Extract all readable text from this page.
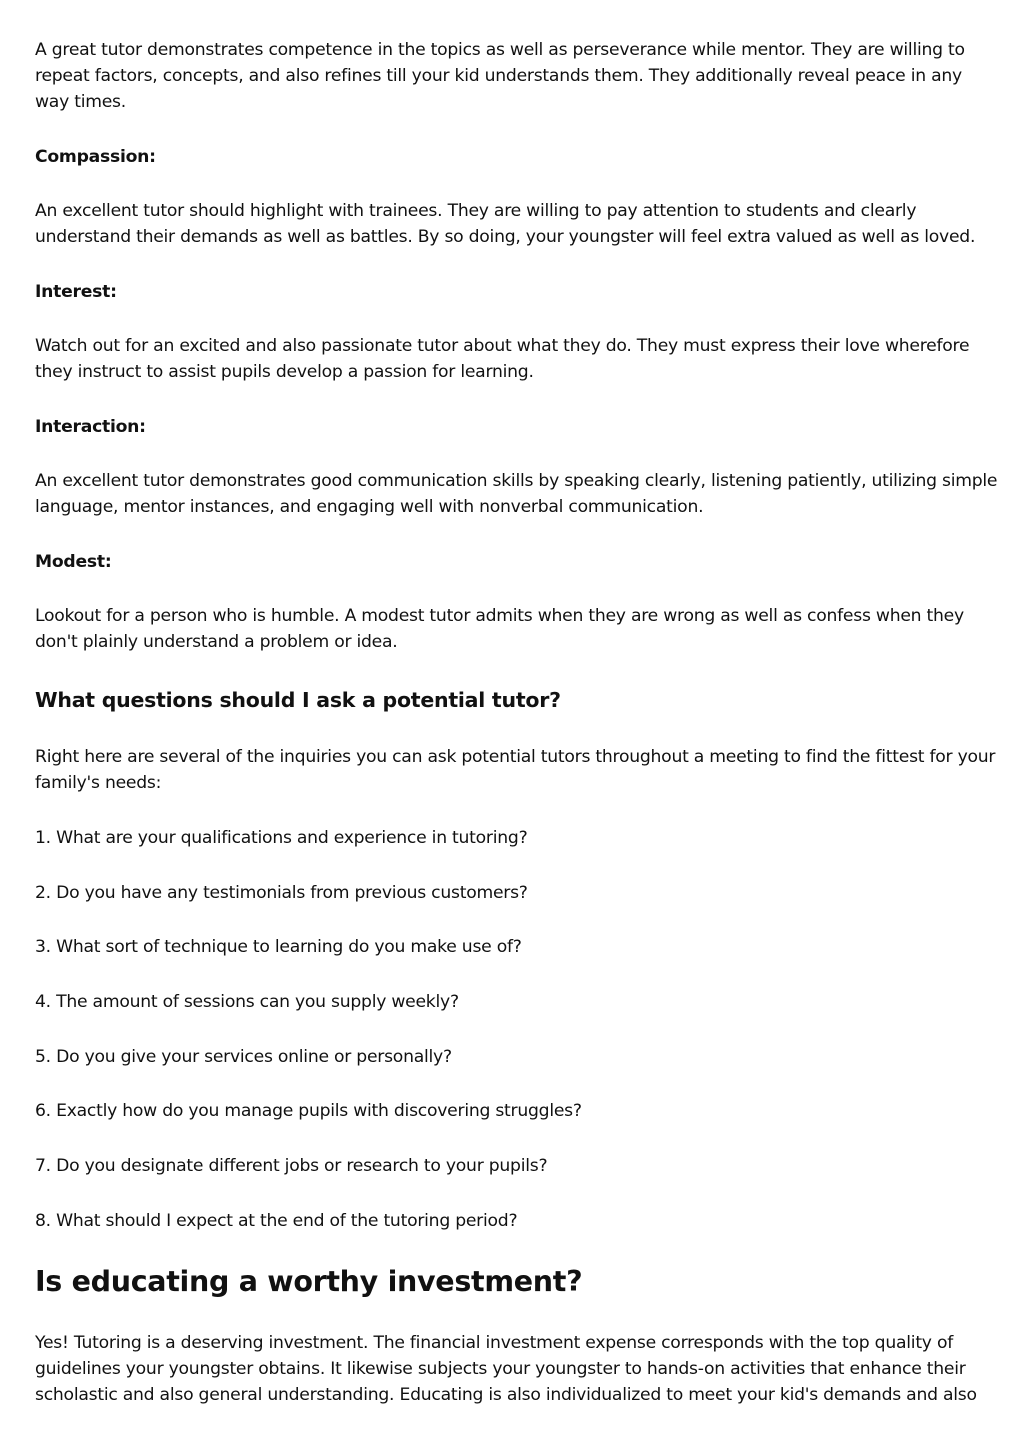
A great tutor demonstrates competence in the topics as well as perseverance while mentor. They are willing to repeat factors, concepts, and also refines till your kid understands them. They additionally reveal peace in any way times.

Compassion:

An excellent tutor should highlight with trainees. They are willing to pay attention to students and clearly understand their demands as well as battles. By so doing, your youngster will feel extra valued as well as loved.

Interest:

Watch out for an excited and also passionate tutor about what they do. They must express their love wherefore they instruct to assist pupils develop a passion for learning.

Interaction:

An excellent tutor demonstrates good communication skills by speaking clearly, listening patiently, utilizing simple language, mentor instances, and engaging well with nonverbal communication.

Modest:

Lookout for a person who is humble. A modest tutor admits when they are wrong as well as confess when they don't plainly understand a problem or idea.

What questions should I ask a potential tutor?

Right here are several of the inquiries you can ask potential tutors throughout a meeting to find the fittest for your family's needs:

1. What are your qualifications and experience in tutoring?
2. Do you have any testimonials from previous customers?
3. What sort of technique to learning do you make use of?
4. The amount of sessions can you supply weekly?
5. Do you give your services online or personally?
6. Exactly how do you manage pupils with discovering struggles?
7. Do you designate different jobs or research to your pupils?
8. What should I expect at the end of the tutoring period?
Is educating a worthy investment?

Yes! Tutoring is a deserving investment. The financial investment expense corresponds with the top quality of guidelines your youngster obtains. It likewise subjects your youngster to hands-on activities that enhance their scholastic and also general understanding. Educating is also individualized to meet your kid's demands and also
